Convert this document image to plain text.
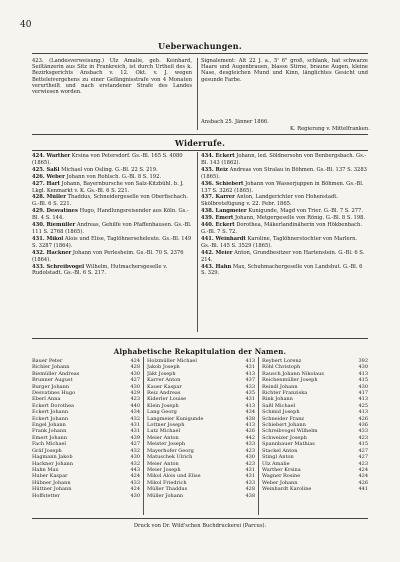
40
Ueberwachungen.

423. (Landesverweisung.) Ulz Amalie, geb. Keinhard, Seiltänzerin aus Sitz in Frankreich, ist durch Urtheil des k. Bezirksgerichts Ansbach v. 12. Okt. v. J. wegen Betteleivergehens zu einer Gefängnisstrafe von 4 Monaten verurtheilt und nach erstandener Strafe des Landes verwiesen worden.

Signalement: Alt 22 J. a., 5' 6" groß, schlank, hat schwarze Haare und Augenbrauen, blasse Stirne, braune Augen, kleine Nase, desgleichen Mund und Kinn, länglichtes Gesicht und gesunde Farbe.

Ansbach 25. Jänner 1866.
K. Regierung v. Mittelfranken.
Widerrufe.

424. Warther Krsina von Petersdorf. Gs.-Bl. 165 S. 4080 (1865).

425. Saßl Michael von Osling. G.-Bl. 22 S. 219.

426. Weber Johann von Rohlsch. G.-Bl. 8 S. 192.

427. Hart Johann, Bayernbursche von Salz-Kitzbühl. b. J. Lkgl. Kenmarkt v. K. Gs.-Bl. 6 S. 221.

428. Müller Thaddus, Schneidergeselle von Oberfischach. G.-Bl. 6 S. 221.

429. Desvatines Hugo, Handlungsreisender aus Köln. Gs.-Bl. 4 S. 144.

430. Riemüller Andreas, Gehilfe von Pfaffenhausen. Gs.-Bl. 111 S. 2768 (1865).

431. Mikol Alois und Elise, Taglöhnerseheleute. Gs.-Bl. 149 S. 3287 (1864).

432. Hackner Johann von Perlesheim. Gs.-Bl. 70 S. 2376 (1864).

433. Schreibvogel Wilhelm, Hutmachersgeselle v. Rudolstadt. Gs.-Bl. 6 S. 217.

434. Eckert Johann, led. Söldnersohn von Benbergsbach. Gs.-Bl. 143 (1862).

435. Reiz Andreas von Stralau in Böhmen. Gs.-Bl. 137 S. 3283 (1865).

436. Schiebert Johann von Wasserjuppen in Böhmen. Gs.-Bl. 137 S. 3262 (1865).

437. Karrer Anton, Landgerichter von Hohenstadt. Skölbretsfügung v. 22. Febr. 1865.

438. Langmeier Kunigunde, Magd von Trier. G.-Bl. 7 S. 277.

439. Emert Johann, Metgergeselle von Rönig. G.-Bl. 8 S. 198.

440. Eckert Dorothea, Mäkerlandinäherin von Hökbenbach. G.-Bl. 7 S. 72.

441. Weinhardt Karoline, Taglöhnerstochter von Marlern. Gs.-Bl. 145 S. 3529 (1865).

442. Meier Anton, Grundbesitzer von Hartenstein. G.-Bl. 6 S. 214.

443. Hahn Max, Schuhmachergeselle von Landshut. G.-Bl. 6 S. 329.

Alphabetische Rekapitulation der Namen.
Bauer Peter	424
Bichler Johann	428
Biemüller Andreas	430
Brunner August	427
Burger Johann	430
Desvatines Hugo	429
Eberl Anna	423
Eckert Dorothea	440
Eckert Johann	434
Eckert Johann	432
Engel Johann	431
Frank Johann	431
Emert Johann	439
Fach Michael	427
Gräf Joseph	432
Hagmann Jakob	430
Hackner Johann	432
Hahn Max	443
Huber Kaspar	424
Hübner Johann	433
Hüttner Johann	424
Hoffstetter	430
Holzmüller Michael	413
Jakob Joseph	431
Jäkt Joseph	413
Karrer Anton	437
Kauer Kaspar	433
Reiz Andreas	435
Kiderler Louise	431
Klein Joseph	413
Lang Georg	434
Langmeier Kunigunde	438
Lottner Joseph	413
Lutz Michael	426
Meier Anton	442
Meister Joseph	433
Mayerhofer Georg	423
Matuschek Ulrich	430
Meier Anton	423
Meier Joseph	431
Mikol Alois und Elise	431
Mikol Friedrich	433
Müller Thaddus	428
Müller Johann	438
Reybert Lorenz	392
Röhl Christoph	430
Rausch Johann Nikolaus	413
Reichenmüller Joseph	415
Reindl Johann	430
Richter Franziska	417
Rink Johann	413
Saßl Michael	425
Schmid Joseph	413
Schneider Franz	426
Schiebert Johann	436
Schreibvogel Wilhelm	433
Schweizer Joseph	423
Spannbauer Mathias	415
Stackel Anton	427
Stingl Anton	427
Ulz Amalie	423
Warther Krsina	424
Wagner Rosine	424
Weber Johann	426
Weinhardt Karoline	441
Druck von Dr. Wild'schen Buchdruckerei (Parcus).
